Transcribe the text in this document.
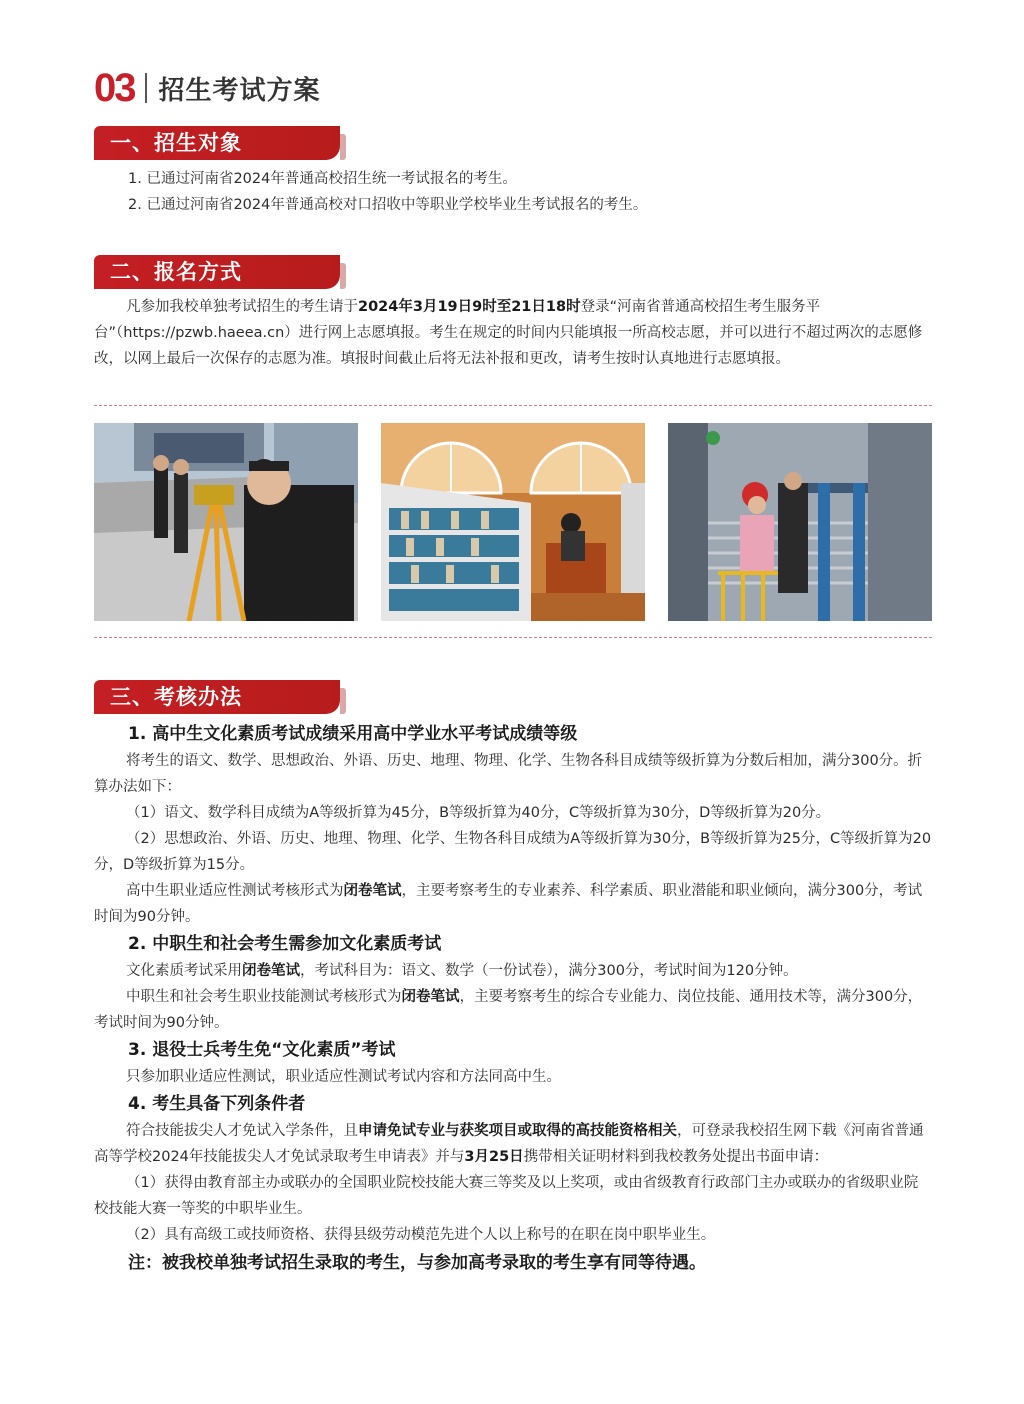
03 招生考试方案
一、招生对象

1. 已通过河南省2024年普通高校招生统一考试报名的考生。

2. 已通过河南省2024年普通高校对口招收中等职业学校毕业生考试报名的考生。

二、报名方式

凡参加我校单独考试招生的考生请于2024年3月19日9时至21日18时登录“河南省普通高校招生考生服务平台”（https://pzwb.haeea.cn）进行网上志愿填报。考生在规定的时间内只能填报一所高校志愿，并可以进行不超过两次的志愿修改，以网上最后一次保存的志愿为准。填报时间截止后将无法补报和更改，请考生按时认真地进行志愿填报。

三、考核办法

1. 高中生文化素质考试成绩采用高中学业水平考试成绩等级

将考生的语文、数学、思想政治、外语、历史、地理、物理、化学、生物各科目成绩等级折算为分数后相加，满分300分。折算办法如下：

（1）语文、数学科目成绩为A等级折算为45分，B等级折算为40分，C等级折算为30分，D等级折算为20分。

（2）思想政治、外语、历史、地理、物理、化学、生物各科目成绩为A等级折算为30分，B等级折算为25分，C等级折算为20分，D等级折算为15分。

高中生职业适应性测试考核形式为闭卷笔试，主要考察考生的专业素养、科学素质、职业潜能和职业倾向，满分300分，考试时间为90分钟。

2. 中职生和社会考生需参加文化素质考试

文化素质考试采用闭卷笔试，考试科目为：语文、数学（一份试卷），满分300分，考试时间为120分钟。

中职生和社会考生职业技能测试考核形式为闭卷笔试，主要考察考生的综合专业能力、岗位技能、通用技术等，满分300分，考试时间为90分钟。

3. 退役士兵考生免“文化素质”考试

只参加职业适应性测试，职业适应性测试考试内容和方法同高中生。

4. 考生具备下列条件者

符合技能拔尖人才免试入学条件，且申请免试专业与获奖项目或取得的高技能资格相关，可登录我校招生网下载《河南省普通高等学校2024年技能拔尖人才免试录取考生申请表》并与3月25日携带相关证明材料到我校教务处提出书面申请：

（1）获得由教育部主办或联办的全国职业院校技能大赛三等奖及以上奖项，或由省级教育行政部门主办或联办的省级职业院校技能大赛一等奖的中职毕业生。

（2）具有高级工或技师资格、获得县级劳动模范先进个人以上称号的在职在岗中职毕业生。

注：被我校单独考试招生录取的考生，与参加高考录取的考生享有同等待遇。
